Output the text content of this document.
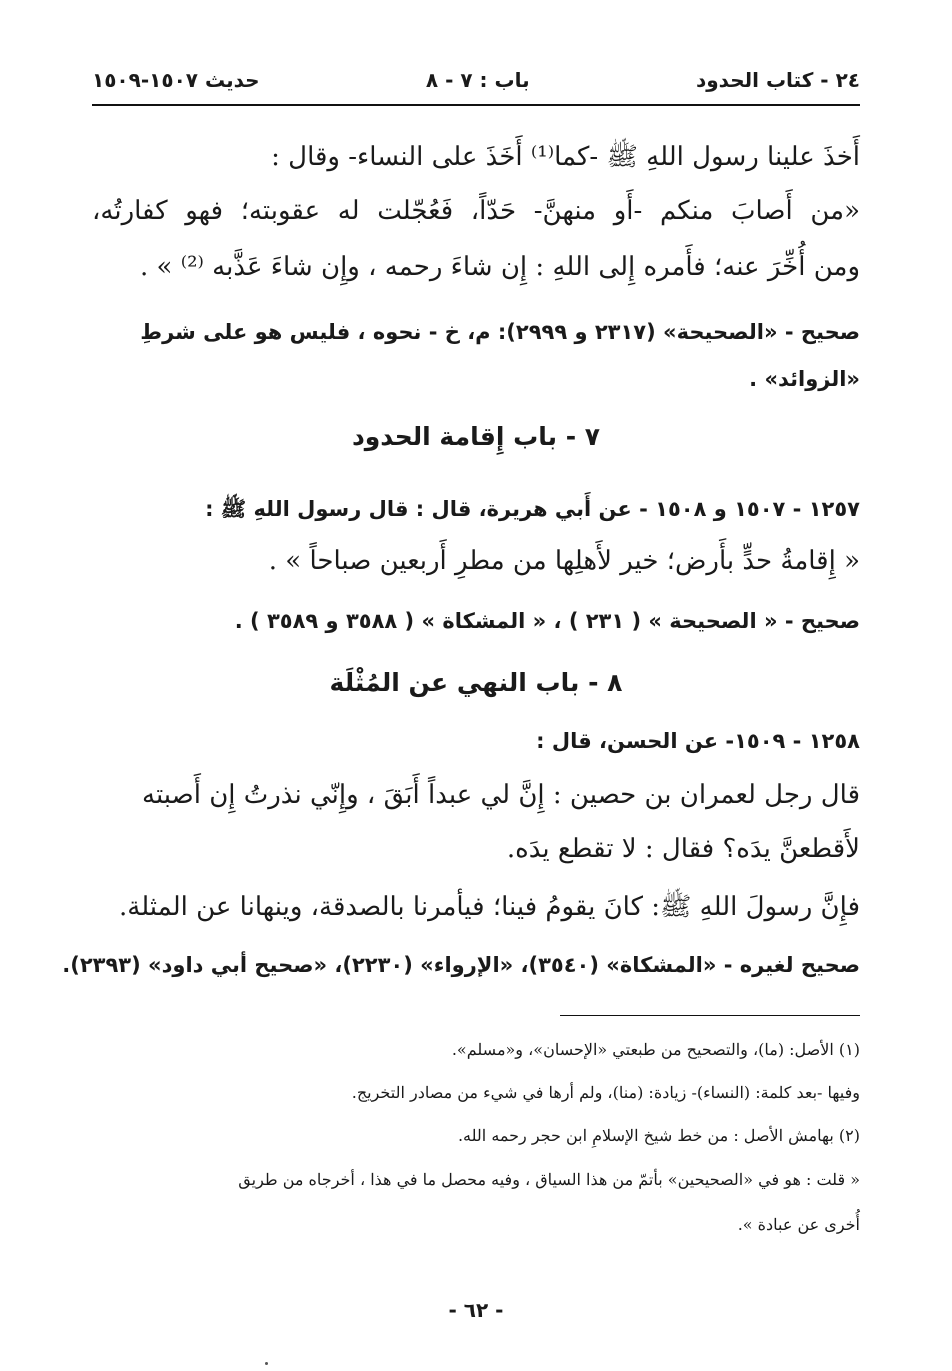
٢٤ - كتاب الحدود
باب : ٧ - ٨
حديث ١٥٠٧-١٥٠٩
أَخذَ علينا رسول اللهِ ﷺ -كما⁽¹⁾ أَخَذَ على النساء- وقال :
«من أَصابَ منكم -أَو منهنَّ- حَدّاً، فَعُجّلت له عقوبته؛ فهو كفارتُه،
ومن أُخِّرَ عنه؛ فأَمره إِلى اللهِ : إِن شاءَ رحمه ، وإِن شاءَ عَذَّبه ⁽²⁾ » .
صحيح - «الصحيحة» (٢٣١٧ و ٢٩٩٩): م، خ - نحوه ، فليس هو على شرطِ
«الزوائد» .
٧ - باب إِقامة الحدود
١٢٥٧ - ١٥٠٧ و ١٥٠٨ - عن أَبي هريرة، قال : قال رسول اللهِ ﷺ :
« إِقامةُ حدٍّ بأَرض؛ خير لأَهلِها من مطرِ أَربعين صباحاً » .
صحيح - « الصحيحة » ( ٢٣١ ) ، « المشكاة » ( ٣٥٨٨ و ٣٥٨٩ ) .
٨ - باب النهي عن المُثْلَة
١٢٥٨ - ١٥٠٩- عن الحسن، قال :
قال رجل لعمران بن حصين : إِنَّ لي عبداً أَبَقَ ، وإِنّي نذرتُ إِن أَصبته
لأَقطعنَّ يدَه؟ فقال : لا تقطع يدَه.
فإِنَّ رسولَ اللهِ ﷺ: كانَ يقومُ فينا؛ فيأمرنا بالصدقة، وينهانا عن المثلة.
صحيح لغيره - «المشكاة» (٣٥٤٠)، «الإرواء» (٢٢٣٠)، «صحيح أبي داود» (٢٣٩٣).
(١) الأصل: (ما)، والتصحيح من طبعتي «الإحسان»، و«مسلم».
وفيها -بعد كلمة: (النساء)- زيادة: (منا)، ولم أرها في شيء من مصادر التخريج.
(٢) بهامش الأصل : من خط شيخ الإسلامِ ابن حجر رحمه الله.
« قلت : هو في «الصحيحين» بأتمّ من هذا السياق ، وفيه محصل ما في هذا ، أخرجاه من طريق
أُخرى عن عبادة ».
- ٦٢ -
